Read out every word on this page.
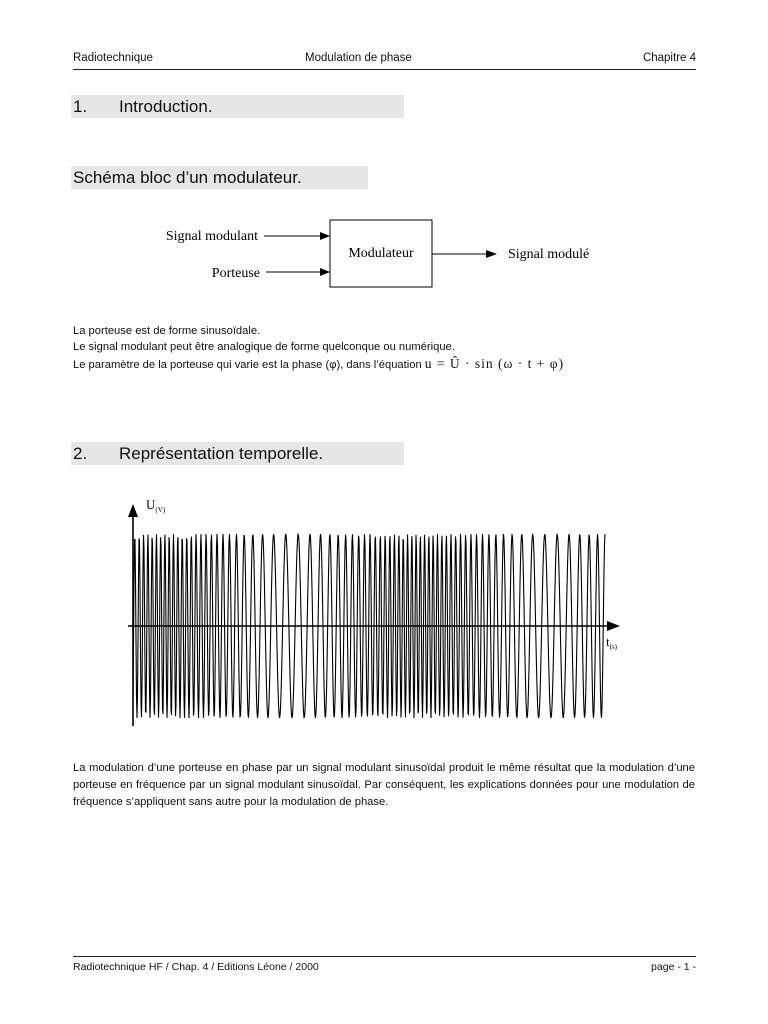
Radiotechnique	Modulation de phase	Chapitre 4
1. Introduction.
Schéma bloc d’un modulateur.
Signal modulant
Porteuse
Modulateur	Signal modulé
La porteuse est de forme sinusoïdale.
Le signal modulant peut être analogique de forme quelconque ou numérique.
Le paramètre de la porteuse qui varie est la phase (φ), dans l’équation u = Û · sin (ω · t + φ)
2. Représentation temporelle.
$U_{(V)}$
$t_{(s)}$
La modulation d’une porteuse en phase par un signal modulant sinusoïdal produit le même résultat que la modulation d’une porteuse en fréquence par un signal modulant sinusoïdal. Par conséquent, les explications données pour une modulation de fréquence s’appliquent sans autre pour la modulation de phase.
Radiotechnique HF / Chap. 4 / Editions Léone / 2000	page - 1 -
